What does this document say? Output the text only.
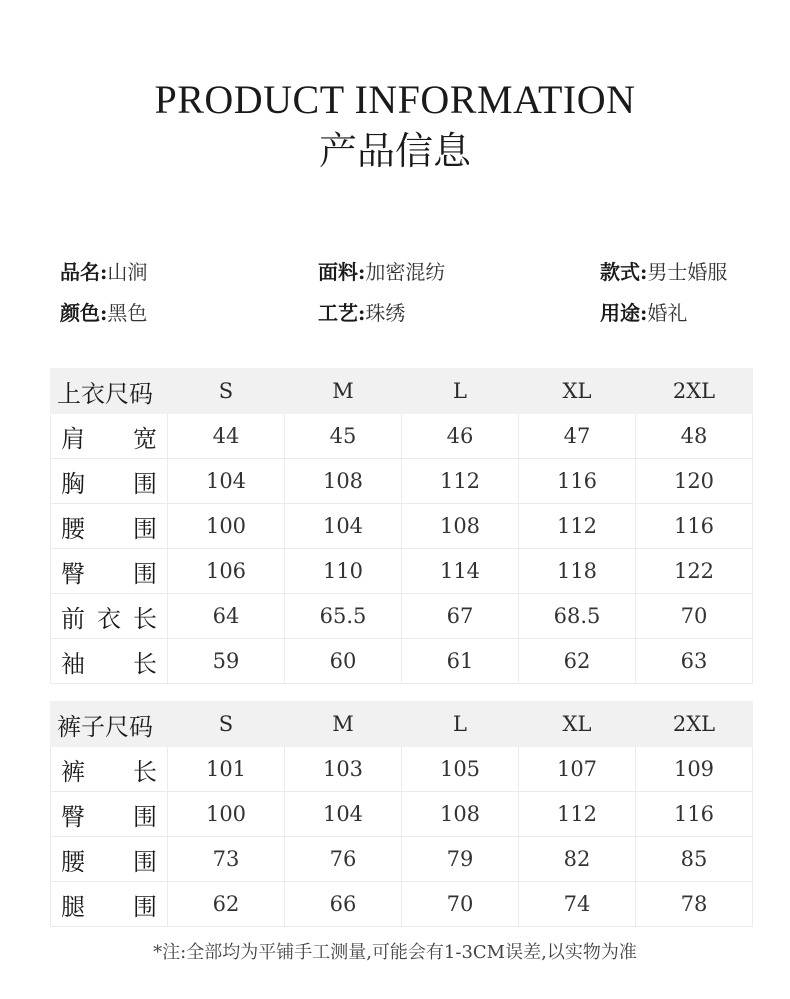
PRODUCT INFORMATION
产品信息
品名:山涧	面料:加密混纺	款式:男士婚服
颜色:黑色	工艺:珠绣	用途:婚礼
上衣尺码	S	M	L	XL	2XL
肩宽	44	45	46	47	48
胸围	104	108	112	116	120
腰围	100	104	108	112	116
臀围	106	110	114	118	122
前衣长	64	65.5	67	68.5	70
袖长	59	60	61	62	63
裤子尺码	S	M	L	XL	2XL
裤长	101	103	105	107	109
臀围	100	104	108	112	116
腰围	73	76	79	82	85
腿围	62	66	70	74	78
*注:全部均为平铺手工测量,可能会有1-3CM误差,以实物为准
